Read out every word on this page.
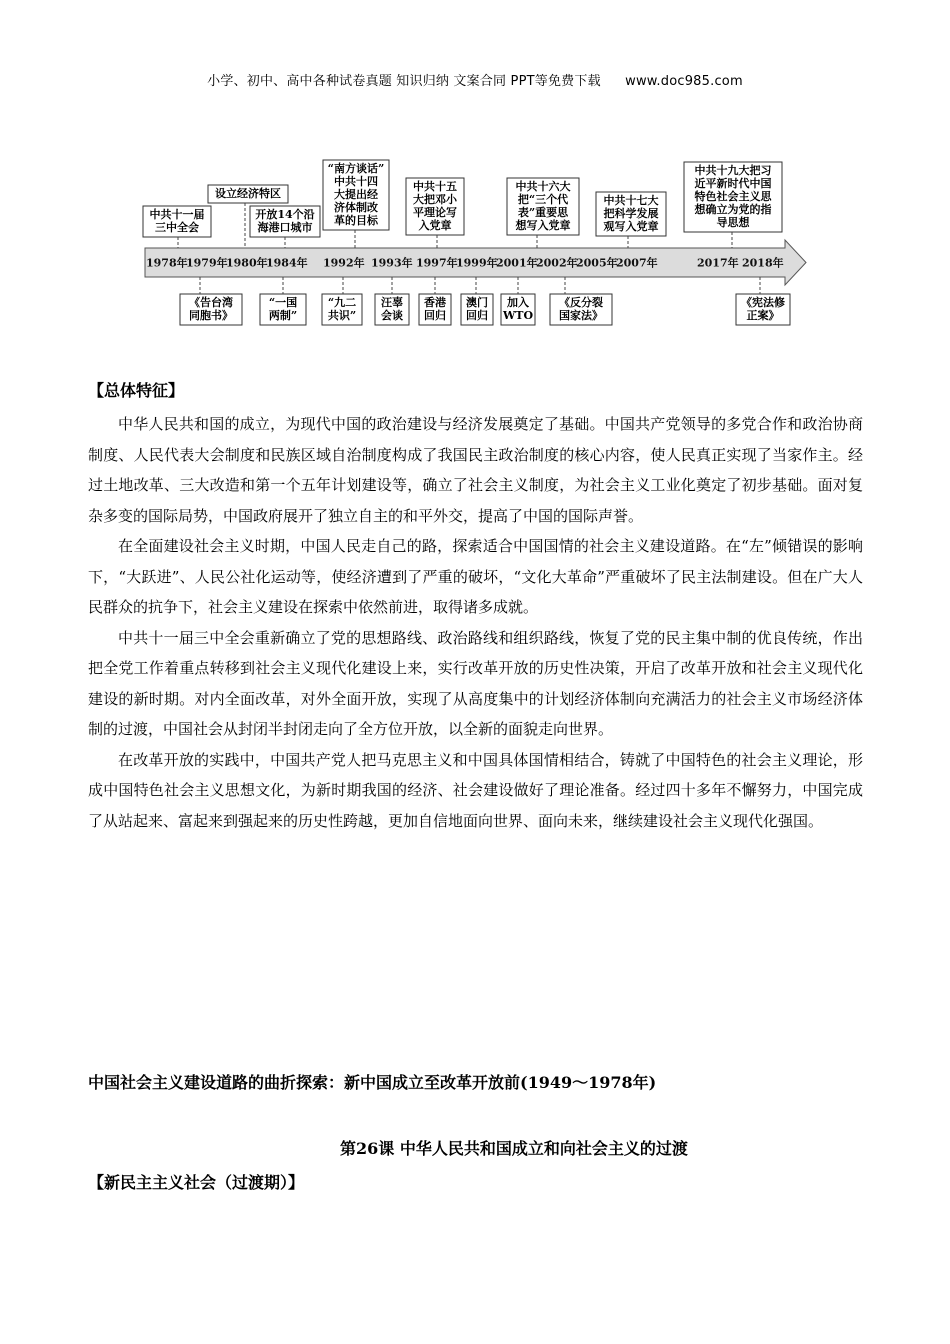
小学、初中、高中各种试卷真题 知识归纳 文案合同 PPT等免费下载 www.doc985.com
1978年
1979年
1980年
1984年 1992年 1993年 1997年
1999年
2001年
2002年
2005年
2007年	2017年 2018年
中共十一届
三中全会
设立经济特区
开放14个沿
海港口城市
“南方谈话”
中共十四
大提出经
济体制改
革的目标
中共十五
大把邓小
平理论写
入党章
中共十六大
把“三个代
表”重要思
想写入党章
中共十七大
把科学发展
观写入党章
中共十九大把习
近平新时代中国
特色社会主义思
想确立为党的指
导思想
《告台湾
同胞书》
“一国
两制”
“九二
共识”
汪辜
会谈
香港
回归
澳门
回归
加入
WTO
《反分裂
国家法》
《宪法修
正案》
【总体特征】

中华人民共和国的成立，为现代中国的政治建设与经济发展奠定了基础。中国共产党领导的多党合作和政治协商制度、人民代表大会制度和民族区域自治制度构成了我国民主政治制度的核心内容，使人民真正实现了当家作主。经过土地改革、三大改造和第一个五年计划建设等，确立了社会主义制度，为社会主义工业化奠定了初步基础。面对复杂多变的国际局势，中国政府展开了独立自主的和平外交，提高了中国的国际声誉。

在全面建设社会主义时期，中国人民走自己的路，探索适合中国国情的社会主义建设道路。在“左”倾错误的影响下，“大跃进”、人民公社化运动等，使经济遭到了严重的破坏，“文化大革命”严重破坏了民主法制建设。但在广大人民群众的抗争下，社会主义建设在探索中依然前进，取得诸多成就。

中共十一届三中全会重新确立了党的思想路线、政治路线和组织路线，恢复了党的民主集中制的优良传统，作出把全党工作着重点转移到社会主义现代化建设上来，实行改革开放的历史性决策，开启了改革开放和社会主义现代化建设的新时期。对内全面改革，对外全面开放，实现了从高度集中的计划经济体制向充满活力的社会主义市场经济体制的过渡，中国社会从封闭半封闭走向了全方位开放，以全新的面貌走向世界。

在改革开放的实践中，中国共产党人把马克思主义和中国具体国情相结合，铸就了中国特色的社会主义理论，形成中国特色社会主义思想文化，为新时期我国的经济、社会建设做好了理论准备。经过四十多年不懈努力，中国完成了从站起来、富起来到强起来的历史性跨越，更加自信地面向世界、面向未来，继续建设社会主义现代化强国。

中国社会主义建设道路的曲折探索：新中国成立至改革开放前(1949～1978年)
第26课 中华人民共和国成立和向社会主义的过渡
【新民主主义社会（过渡期）】
